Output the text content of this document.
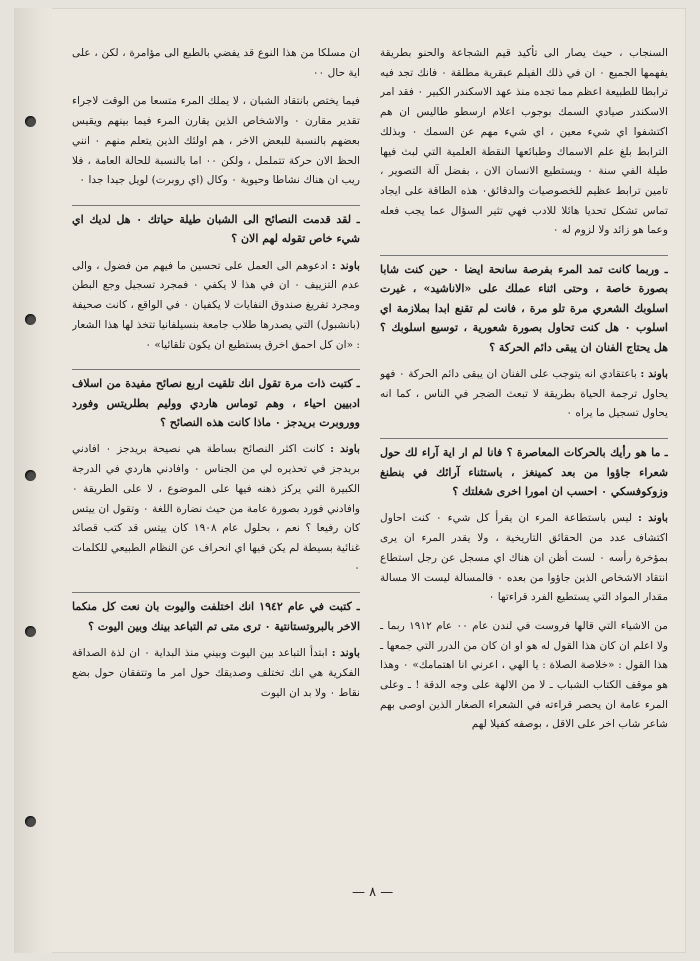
السنجاب ، حيث يصار الى تأكيد قيم الشجاعة والحنو بطريقة يفهمها الجميع ٠ ان في ذلك الفيلم عبقرية مطلقة ٠ فانك تجد فيه ترابطا للطبيعة اعظم مما تجده منذ عهد الاسكندر الكبير ٠ فقد امر الاسكندر صيادي السمك بوجوب اعلام ارسطو طاليس ان هم اكتشفوا اي شيء معين ، اي شيء مهم عن السمك ٠ وبذلك الترابط بلغ علم الاسماك وطبائعها النقطة العلمية التي لبث فيها طيلة الفي سنة ٠ ويستطيع الانسان الان ، بفضل آلة التصوير ، تامين ترابط عظيم للخصوصيات والدقائق٠ هذه الطاقة على ايجاد تماس تشكل تحديا هائلا للادب فهي تثير السؤال عما يجب فعله وعما هو زائد ولا لزوم له ٠

ـ وربما كانت تمد المرء بفرصة سانحة ايضا ٠ حين كنت شابا بصورة خاصة ، وحتى اثناء عملك على «الاناشيد» ، غيرت اسلوبك الشعري مرة تلو مرة ، فانت لم تقنع ابدا بملازمة اي اسلوب ٠ هل كنت تحاول بصورة شعورية ، توسيع اسلوبك ؟ هل يحتاج الفنان ان يبقى دائم الحركة ؟

باوند : باعتقادي انه يتوجب على الفنان ان يبقى دائم الحركة ٠ فهو يحاول ترجمة الحياة بطريقة لا تبعث الضجر في الناس ، كما انه يحاول تسجيل ما يراه ٠

ـ ما هو رأيك بالحركات المعاصرة ؟ فانا لم ار اية آراء لك حول شعراء جاؤوا من بعد كمينغز ، باستثناء آرائك في بنطنغ وزوكوفسكي ٠ احسب ان امورا اخرى شغلتك ؟

باوند : ليس باستطاعة المرء ان يقرأ كل شيء ٠ كنت احاول اكتشاف عدد من الحقائق التاريخية ، ولا يقدر المرء ان يرى بمؤخرة رأسه ٠ لست أظن ان هناك اي مسجل عن رجل استطاع انتقاد الاشخاص الذين جاؤوا من بعده ٠ فالمسالة ليست الا مسالة مقدار المواد التي يستطيع الفرد قراءتها ٠

من الاشياء التي قالها فروست في لندن عام ٠٠ عام ١٩١٢ ربما ـ ولا اعلم ان كان هذا القول له هو او ان كان من الدرر التي جمعها ـ هذا القول : «خلاصة الصلاة : يا الهي ، اعرني انا اهتمامك» ٠ وهذا هو موقف الكتاب الشباب ـ لا من الالهة على وجه الدقة ! ـ وعلى المرء عامة ان يحصر قراءته في الشعراء الصغار الذين اوصى بهم شاعر شاب اخر على الاقل ، بوصفه كفيلا لهم

ان مسلكا من هذا النوع قد يفضي بالطبع الى مؤامرة ، لكن ، على اية حال ٠٠

فيما يختص بانتقاد الشبان ، لا يملك المرء متسعا من الوقت لاجراء تقدير مقارن ٠ والاشخاص الذين يقارن المرء فيما بينهم ويقيس بعضهم بالنسبة للبعض الاخر ، هم اولئك الذين يتعلم منهم ٠ انني الحظ الان حركة تتململ ، ولكن ٠٠ اما بالنسبة للحالة العامة ، فلا ريب ان هناك نشاطا وحيوية ٠ وكال (اي روبرت) لويل جيدا جدا ٠

ـ لقد قدمت النصائح الى الشبان طيلة حياتك ٠ هل لديك اي شيء خاص تقوله لهم الان ؟

باوند : ادعوهم الى العمل على تحسين ما فيهم من فضول ، والى عدم التزييف ٠ ان في هذا لا يكفي ٠ فمجرد تسجيل وجع البطن ومجرد تفريغ صندوق النفايات لا يكفيان ٠ في الواقع ، كانت صحيفة (بانشبول) التي يصدرها طلاب جامعة بنسيلفانيا تتخذ لها هذا الشعار : «ان كل احمق اخرق يستطيع ان يكون تلقائيا» ٠

ـ كتبت ذات مرة تقول انك تلقيت اربع نصائح مفيدة من اسلاف ادبيين احياء ، وهم توماس هاردي ووليم بطلريتس وفورد ووروبرت بريدجز ٠ ماذا كانت هذه النصائح ؟

باوند : كانت اكثر النصائح بساطة هي نصيحة بريدجز ٠ افادني بريدجز في تحذيره لي من الجناس ٠ وافادني هاردي في الدرجة الكبيرة التي يركز ذهنه فيها على الموضوع ، لا على الطريقة ٠ وافادني فورد بصورة عامة من حيث نضارة اللغة ٠ وتقول ان ييتس كان رفيعا ؟ نعم ، بحلول عام ١٩٠٨ كان ييتس قد كتب قصائد غنائية بسيطة لم يكن فيها اي انحراف عن النظام الطبيعي للكلمات ٠

ـ كتبت في عام ١٩٤٢ انك اختلفت واليوت بان نعت كل منكما الاخر بالبروتستانتية ٠ ترى متى تم التباعد بينك وبين اليوت ؟

باوند : ابتدأ التباعد بين اليوت وبيني منذ البداية ٠ ان لذة الصداقة الفكرية هي انك تختلف وصديقك حول امر ما وتتفقان حول بضع نقاط ٠ ولا بد ان اليوت

— ٨ —
